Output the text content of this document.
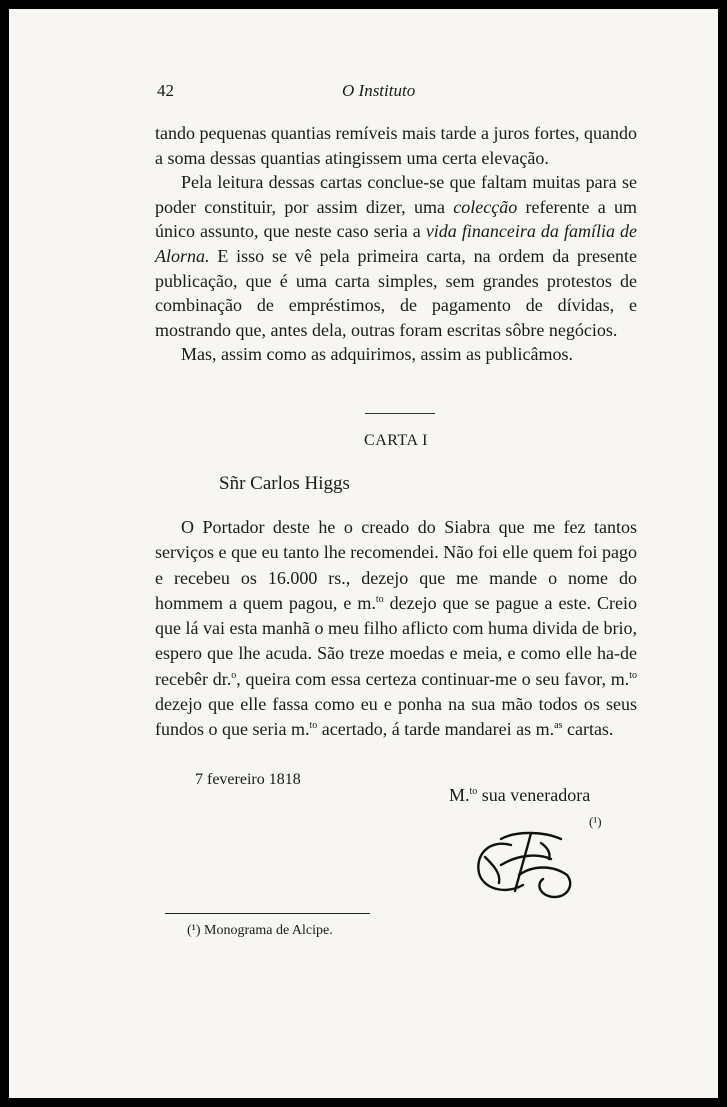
42	O Instituto

tando pequenas quantias remíveis mais tarde a juros fortes, quando a soma dessas quantias atingissem uma certa elevação.

Pela leitura dessas cartas conclue-se que faltam muitas para se poder constituir, por assim dizer, uma colecção referente a um único assunto, que neste caso seria a vida financeira da família de Alorna. E isso se vê pela primeira carta, na ordem da presente publicação, que é uma carta simples, sem grandes protestos de combinação de empréstimos, de pagamento de dívidas, e mostrando que, antes dela, outras foram escritas sôbre negócios.

Mas, assim como as adquirimos, assim as publicâmos.

CARTA I
Sñr Carlos Higgs

O Portador deste he o creado do Siabra que me fez tantos serviços e que eu tanto lhe recomendei. Não foi elle quem foi pago e recebeu os 16.000 rs., dezejo que me mande o nome do hommem a quem pagou, e m.$^{to}$ dezejo que se pague a este. Creio que lá vai esta manhã o meu filho aflicto com huma divida de brio, espero que lhe acuda. São treze moedas e meia, e como elle ha-de recebêr dr.$^o$, queira com essa certeza continuar-me o seu favor, m.$^{to}$ dezejo que elle fassa como eu e ponha na sua mão todos os seus fundos o que seria m.$^{to}$ acertado, á tarde mandarei as m.$^{as}$ cartas.

7 fevereiro 1818
M.$^{to}$ sua veneradora
(¹)
(¹) Monograma de Alcipe.
